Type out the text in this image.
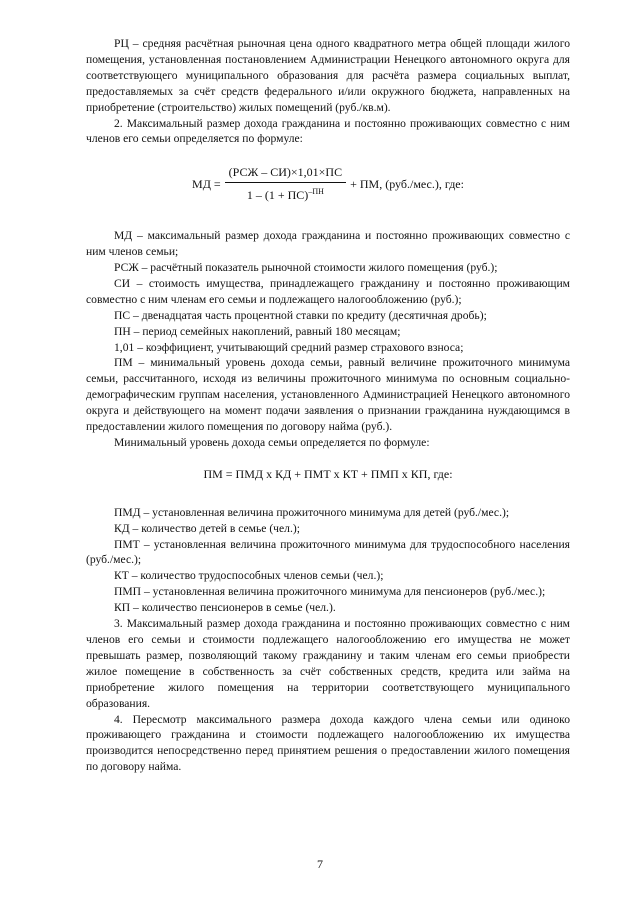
РЦ – средняя расчётная рыночная цена одного квадратного метра общей площади жилого помещения, установленная постановлением Администрации Ненецкого автономного округа для соответствующего муниципального образования для расчёта размера социальных выплат, предоставляемых за счёт средств федерального и/или окружного бюджета, направленных на приобретение (строительство) жилых помещений (руб./кв.м).

2. Максимальный размер дохода гражданина и постоянно проживающих совместно с ним членов его семьи определяется по формуле:

МД = $\frac{\text{(РСЖ – СИ)×1,01×ПС}}{1 - (1 + ПС)^{-ПН}}$ + ПМ, (руб./мес.), где:

МД – максимальный размер дохода гражданина и постоянно проживающих совместно с ним членов семьи;

РСЖ – расчётный показатель рыночной стоимости жилого помещения (руб.);

СИ – стоимость имущества, принадлежащего гражданину и постоянно проживающим совместно с ним членам его семьи и подлежащего налогообложению (руб.);

ПС – двенадцатая часть процентной ставки по кредиту (десятичная дробь);

ПН – период семейных накоплений, равный 180 месяцам;

1,01 – коэффициент, учитывающий средний размер страхового взноса;

ПМ – минимальный уровень дохода семьи, равный величине прожиточного минимума семьи, рассчитанного, исходя из величины прожиточного минимума по основным социально-демографическим группам населения, установленного Администрацией Ненецкого автономного округа и действующего на момент подачи заявления о признании гражданина нуждающимся в предоставлении жилого помещения по договору найма (руб.).

Минимальный уровень дохода семьи определяется по формуле:

ПМ = ПМД х КД + ПМТ х КТ + ПМП х КП, где:

ПМД – установленная величина прожиточного минимума для детей (руб./мес.);

КД – количество детей в семье (чел.);

ПМТ – установленная величина прожиточного минимума для трудоспособного населения (руб./мес.);

КТ – количество трудоспособных членов семьи (чел.);

ПМП – установленная величина прожиточного минимума для пенсионеров (руб./мес.);

КП – количество пенсионеров в семье (чел.).

3. Максимальный размер дохода гражданина и постоянно проживающих совместно с ним членов его семьи и стоимости подлежащего налогообложению его имущества не может превышать размер, позволяющий такому гражданину и таким членам его семьи приобрести жилое помещение в собственность за счёт собственных средств, кредита или займа на приобретение жилого помещения на территории соответствующего муниципального образования.

4. Пересмотр максимального размера дохода каждого члена семьи или одиноко проживающего гражданина и стоимости подлежащего налогообложению их имущества производится непосредственно перед принятием решения о предоставлении жилого помещения по договору найма.

7
